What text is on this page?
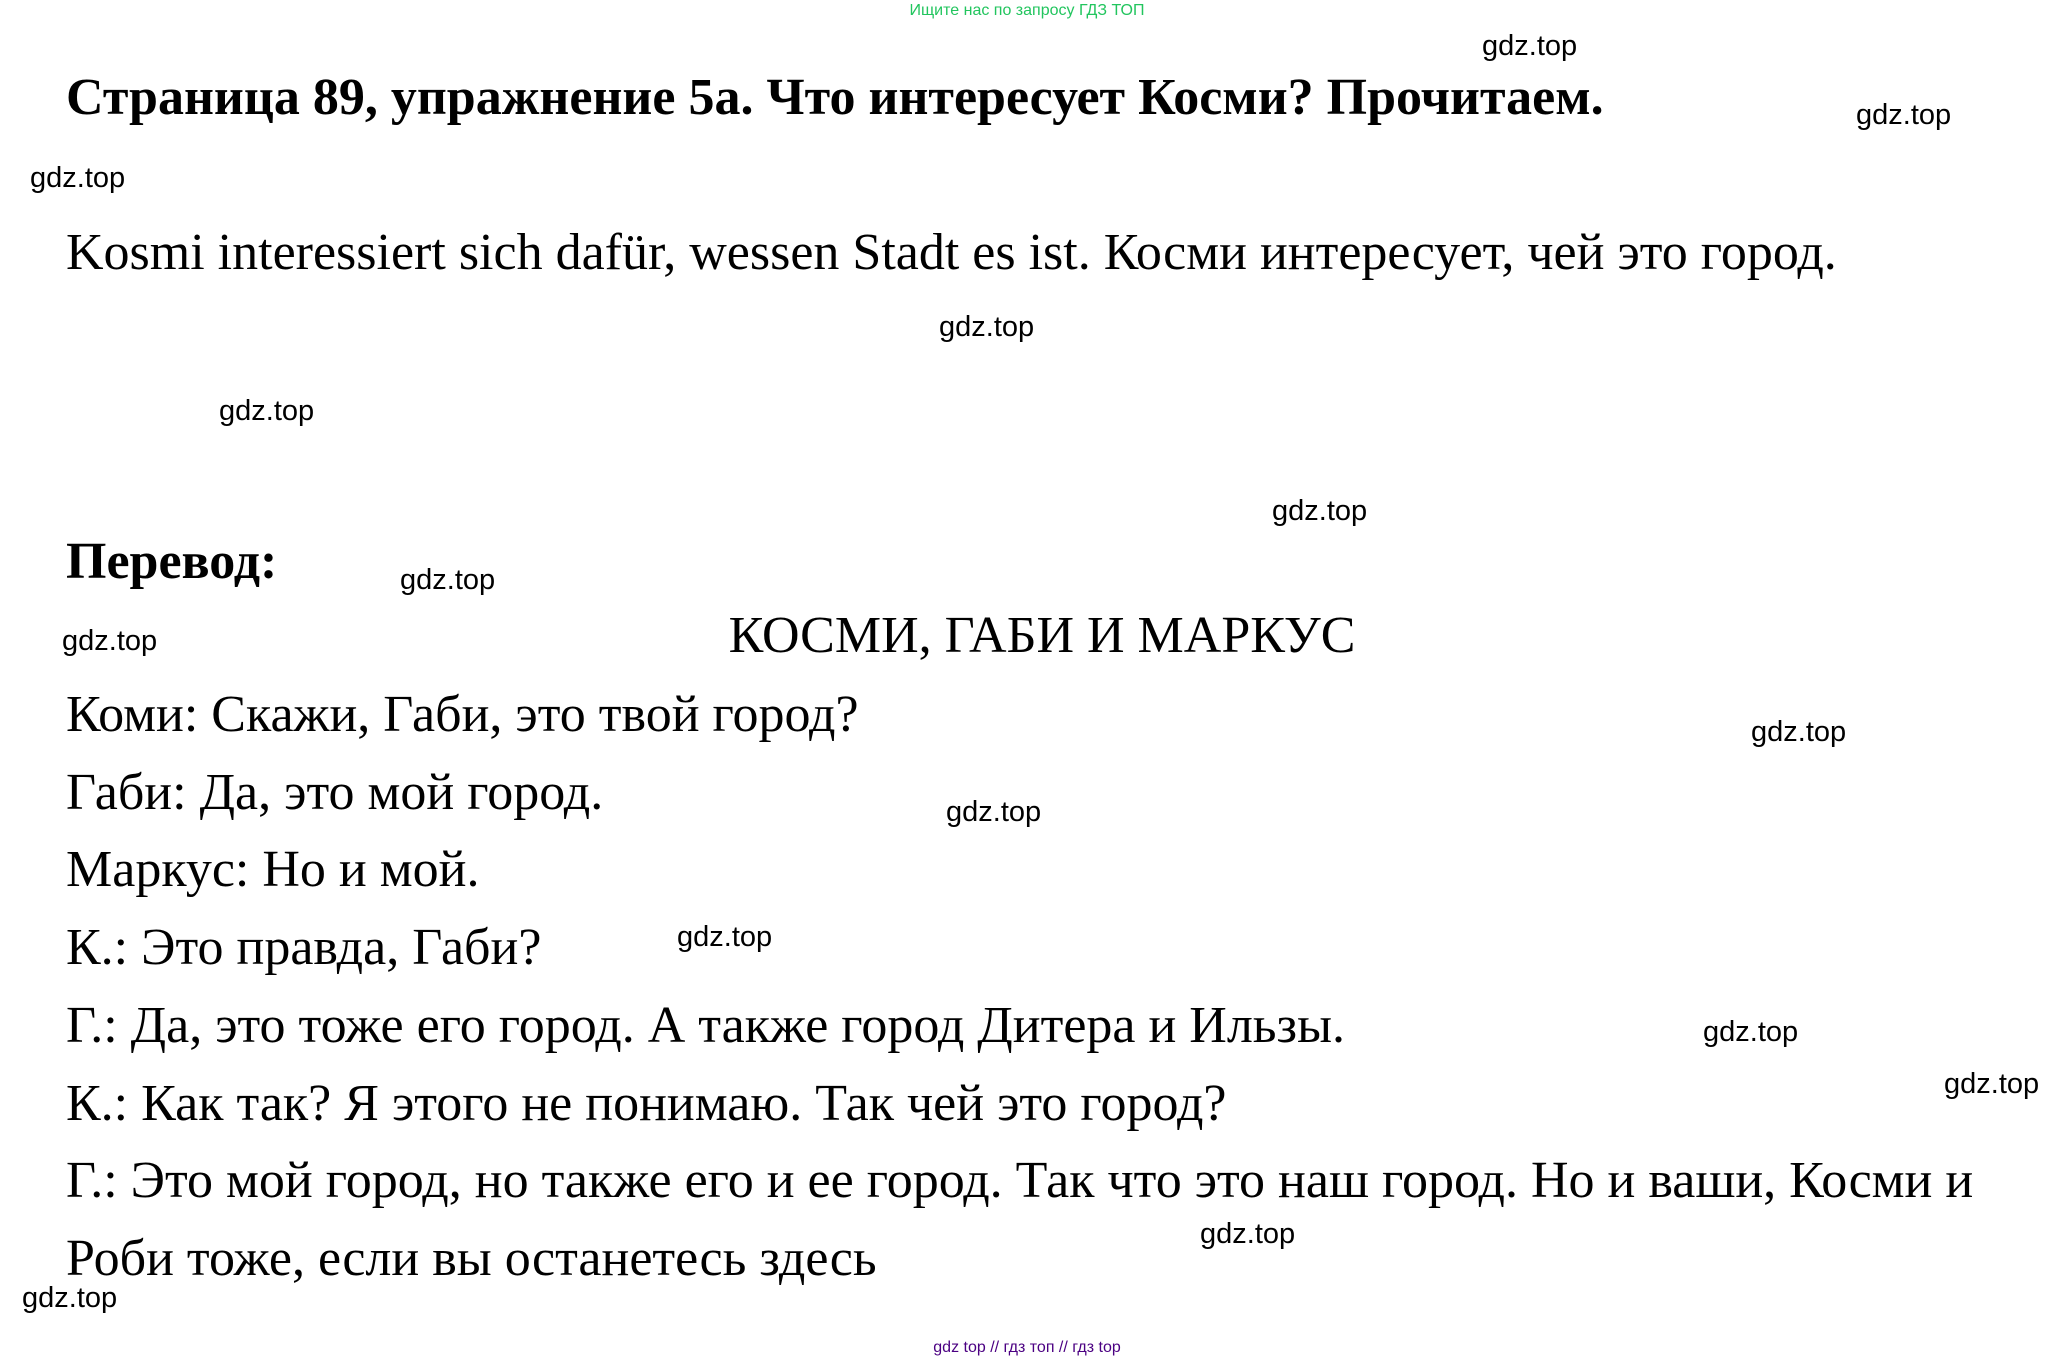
Ищите нас по запросу ГДЗ ТОП
Страница 89, упражнение 5a. Что интересует Косми? Прочитаем.
Kosmi interessiert sich dafür, wessen Stadt es ist. Косми интересует, чей это город.
Перевод:
КОСМИ, ГАБИ И МАРКУС
Коми: Скажи, Габи, это твой город?
Габи: Да, это мой город.
Маркус: Но и мой.
К.: Это правда, Габи?
Г.: Да, это тоже его город. А также город Дитера и Ильзы.
К.: Как так? Я этого не понимаю. Так чей это город?
Г.: Это мой город, но также его и ее город. Так что это наш город. Но и ваши, Косми и Роби тоже, если вы останетесь здесь
gdz.top
gdz.top
gdz.top
gdz.top
gdz.top
gdz.top
gdz.top
gdz.top
gdz.top
gdz.top
gdz.top
gdz.top
gdz.top
gdz.top
gdz.top
gdz top // гдз топ // гдз top
